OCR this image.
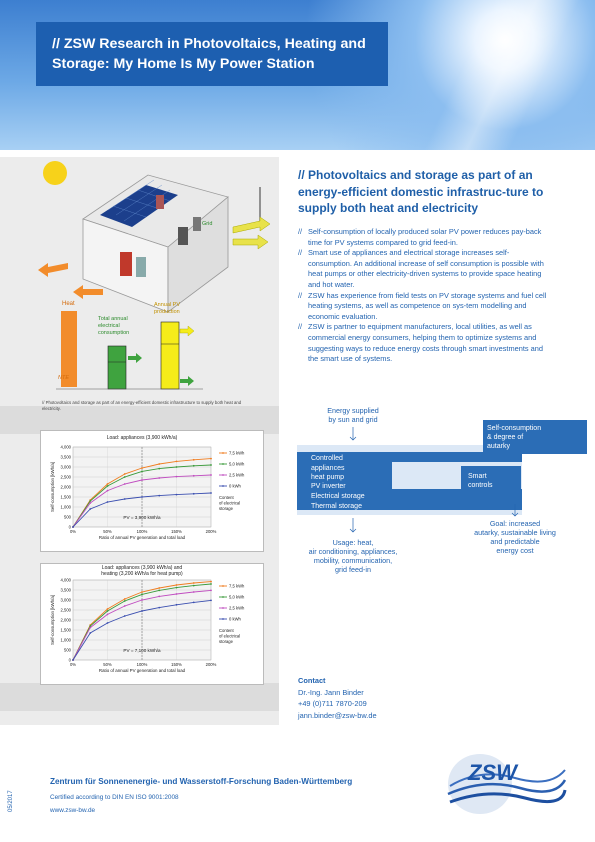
// ZSW Research in Photovoltaics, Heating and Storage: My Home Is My Power Station
Grid
Heat
Total annual electrical consumption
Annual PV production
NTE
// Photovoltaics and storage as part of an energy-efficient domestic infrastructure to supply both heat and electricity.
Load: appliances (3,900 kWh/a)
0
500
1,000
1,500
2,000
2,500
3,000
3,500
4,000
0%	50%	100%	150%	200%
Ratio of annual PV generation and total load
Self-consumption [kWh/a]
PV = 3,900 kWh/a
7,5 kWh
5,0 kWh
2,5 kWh
0 kWh
Content
of electrical
storage
Load: appliances (3,900 kWh/a) and
heating (3,200 kWh/a for heat pump)
0
500
1,000
1,500
2,000
2,500
3,000
3,500
4,000
0%	50%	100%	150%	200%
Ratio of annual PV generation and total load
Self-consumption [kWh/a]
PV = 7,100 kWh/a
7,5 kWh
5,0 kWh
2,5 kWh
0 kWh
Content
of electrical
storage
// Photovoltaics and storage as part of an energy-efficient domestic infrastruc-ture to supply both heat and electricity
// Self-consumption of locally produced solar PV power reduces pay-back time for PV systems compared to grid feed-in.
// Smart use of appliances and electrical storage increases self-consumption. An additional increase of self consumption is possible with heat pumps or other electricity-driven systems to provide space heating and hot water.
// ZSW has experience from field tests on PV storage systems and fuel cell heating systems, as well as competence on sys-tem modelling and economic evaluation.
// ZSW is partner to equipment manufacturers, local utilities, as well as commercial energy consumers, helping them to optimize systems and suggesting ways to reduce energy costs through smart investments and the smart use of systems.
Energy supplied
by sun and grid
Controlled
appliances
heat pump
PV inverter
Electrical storage
Thermal storage
Self-consumption
& degree of
autarky
Smart
controls
Goal: increased
autarky, sustainable living
and predictable
energy cost
Usage: heat,
air conditioning, appliances,
mobility, communication,
grid feed-in
Contact
Dr.-Ing. Jann Binder
+49 (0)711 7870-209
jann.binder@zsw-bw.de
05/2017
Zentrum für Sonnenenergie- und Wasserstoff-Forschung Baden-Württemberg
Certified according to DIN EN ISO 9001:2008
www.zsw-bw.de
ZSW
